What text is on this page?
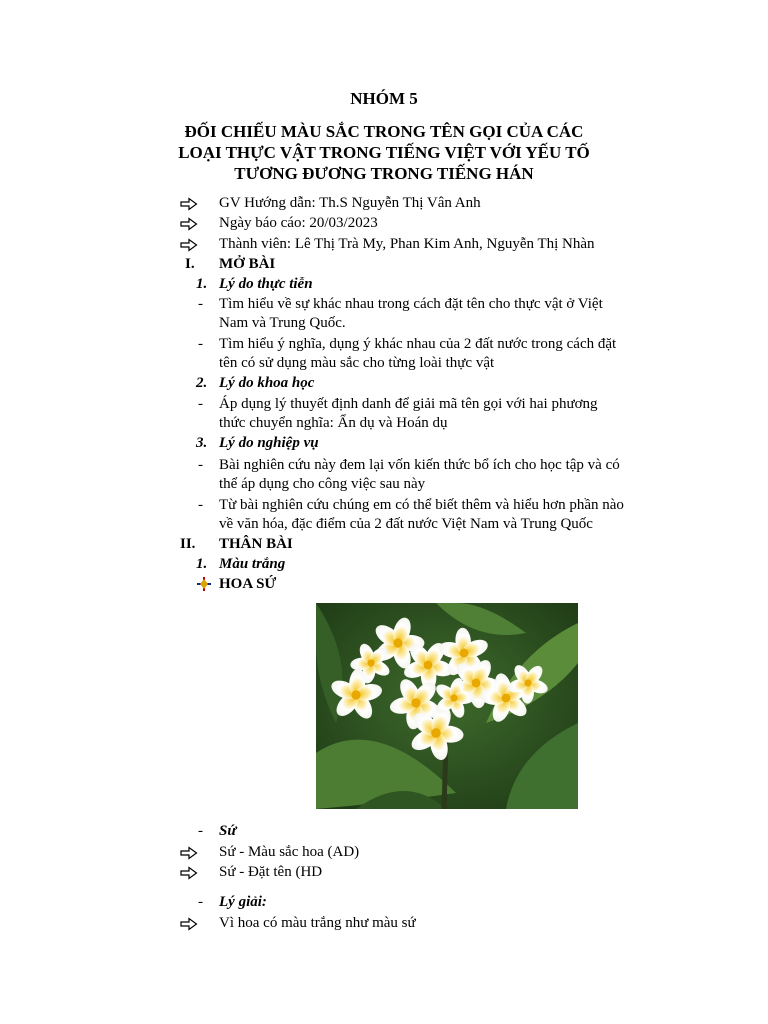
NHÓM 5
ĐỐI CHIẾU MÀU SẮC TRONG TÊN GỌI CỦA CÁC
LOẠI THỰC VẬT TRONG TIẾNG VIỆT VỚI YẾU TỐ
TƯƠNG ĐƯƠNG TRONG TIẾNG HÁN
GV Hướng dẫn: Th.S Nguyễn Thị Vân Anh
Ngày báo cáo: 20/03/2023
Thành viên: Lê Thị Trà My, Phan Kim Anh, Nguyễn Thị Nhàn
I. MỞ BÀI
1. Lý do thực tiễn
- Tìm hiểu về sự khác nhau trong cách đặt tên cho thực vật ở Việt
Nam và Trung Quốc.
- Tìm hiểu ý nghĩa, dụng ý khác nhau của 2 đất nước trong cách đặt
tên có sử dụng màu sắc cho từng loài thực vật
2. Lý do khoa học
- Áp dụng lý thuyết định danh để giải mã tên gọi với hai phương
thức chuyển nghĩa: Ẩn dụ và Hoán dụ
3. Lý do nghiệp vụ
- Bài nghiên cứu này đem lại vốn kiến thức bổ ích cho học tập và có
thể áp dụng cho công việc sau này
- Từ bài nghiên cứu chúng em có thể biết thêm và hiểu hơn phần nào
về văn hóa, đặc điểm của 2 đất nước Việt Nam và Trung Quốc
II. THÂN BÀI
1. Màu trắng
HOA SỨ
- Sứ
Sứ - Màu sắc hoa (AD)
Sứ - Đặt tên (HD
- Lý giải:
Vì hoa có màu trắng như màu sứ
